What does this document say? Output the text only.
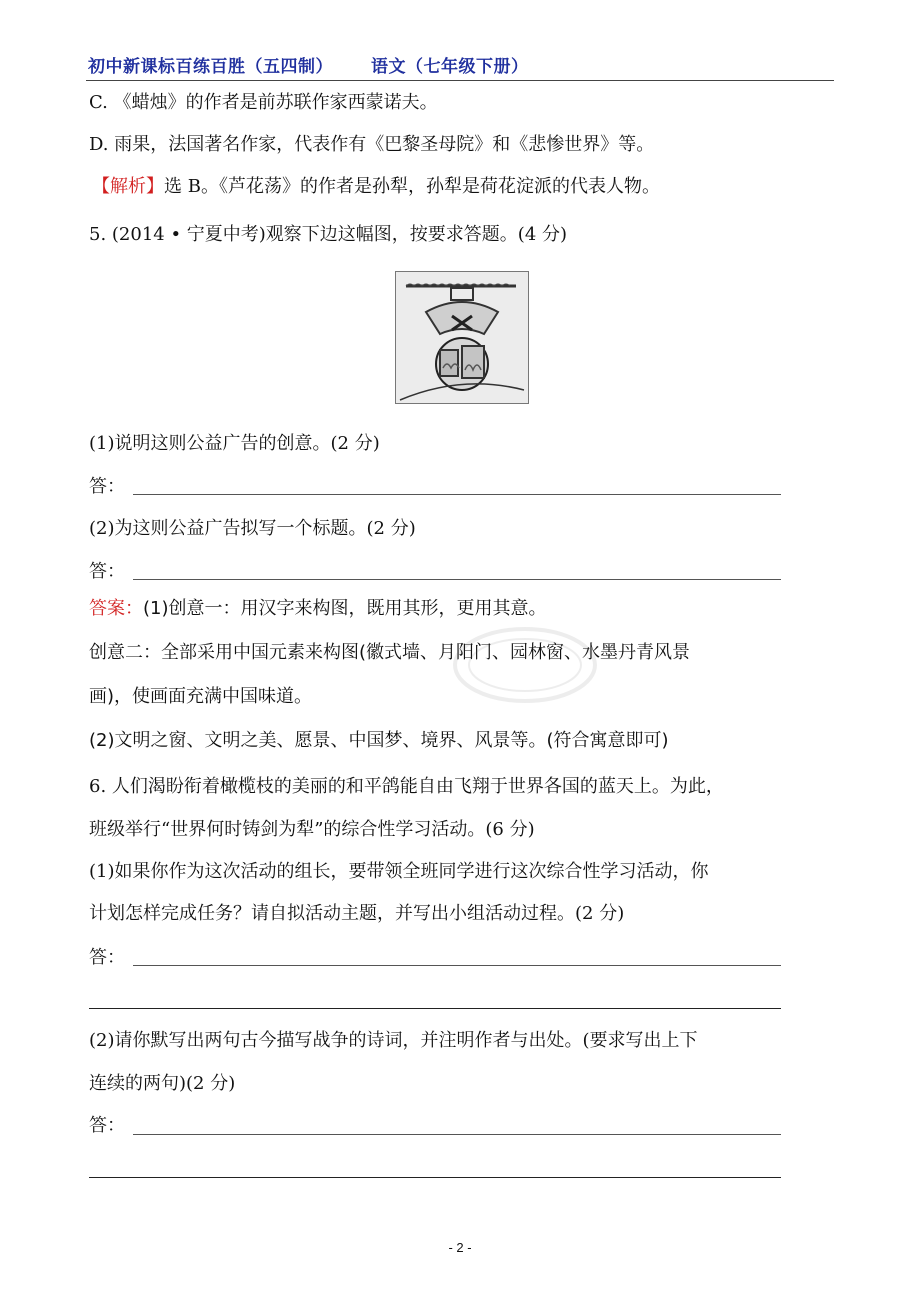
初中新课标百练百胜（五四制） 语文（七年级下册）
C. 《蜡烛》的作者是前苏联作家西蒙诺夫。
D. 雨果，法国著名作家，代表作有《巴黎圣母院》和《悲惨世界》等。
【解析】选 B。《芦花荡》的作者是孙犁，孙犁是荷花淀派的代表人物。
5. (2014 • 宁夏中考)观察下边这幅图，按要求答题。(4 分)
(1)说明这则公益广告的创意。(2 分)
答：
(2)为这则公益广告拟写一个标题。(2 分)
答：
答案：(1)创意一：用汉字来构图，既用其形，更用其意。
创意二：全部采用中国元素来构图(徽式墙、月阳门、园林窗、水墨丹青风景
画)，使画面充满中国味道。
(2)文明之窗、文明之美、愿景、中国梦、境界、风景等。(符合寓意即可)
6. 人们渴盼衔着橄榄枝的美丽的和平鸽能自由飞翔于世界各国的蓝天上。为此，
班级举行“世界何时铸剑为犁”的综合性学习活动。(6 分)
(1)如果你作为这次活动的组长，要带领全班同学进行这次综合性学习活动，你
计划怎样完成任务？请自拟活动主题，并写出小组活动过程。(2 分)
答：
(2)请你默写出两句古今描写战争的诗词，并注明作者与出处。(要求写出上下
连续的两句)(2 分)
答：
- 2 -
